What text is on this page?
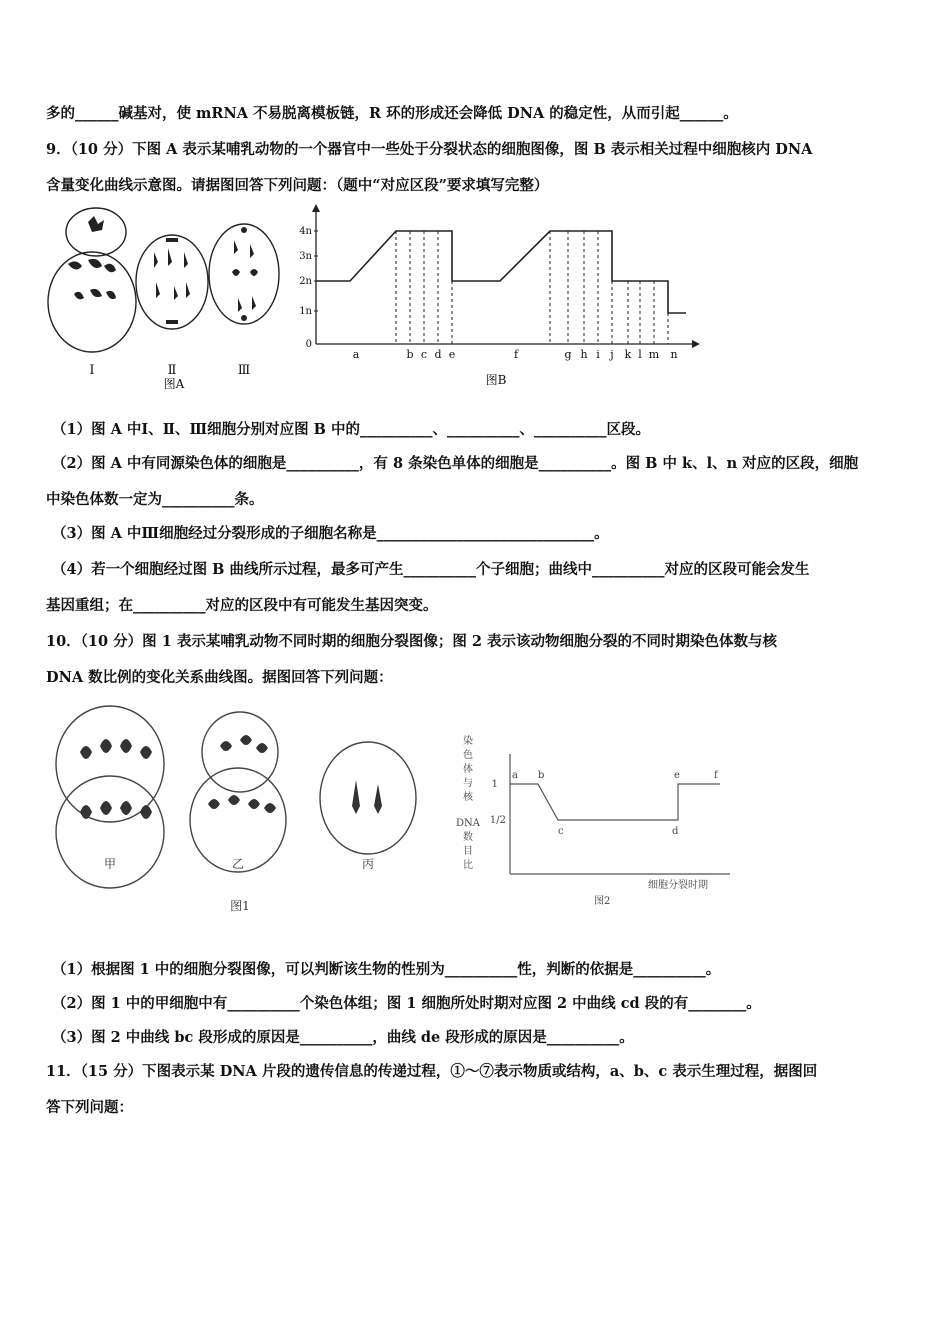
多的______碱基对，使 mRNA 不易脱离模板链，R 环的形成还会降低 DNA 的稳定性，从而引起______。
9．（10 分）下图 A 表示某哺乳动物的一个器官中一些处于分裂状态的细胞图像，图 B 表示相关过程中细胞核内 DNA
含量变化曲线示意图。请据图回答下列问题：（题中“对应区段”要求填写完整）
Ⅰ	Ⅱ	Ⅲ
图A
4n
3n
2n
1n
0
a	b c d e	f	g h i j k l m n
图B
（1）图 A 中Ⅰ、Ⅱ、Ⅲ细胞分别对应图 B 中的__________、__________、__________区段。
（2）图 A 中有同源染色体的细胞是__________，有 8 条染色单体的细胞是__________。图 B 中 k、l、n 对应的区段，细胞
中染色体数一定为__________条。
（3）图 A 中Ⅲ细胞经过分裂形成的子细胞名称是______________________________。
（4）若一个细胞经过图 B 曲线所示过程，最多可产生__________个子细胞；曲线中__________对应的区段可能会发生
基因重组；在__________对应的区段中有可能发生基因突变。
10．（10 分）图 1 表示某哺乳动物不同时期的细胞分裂图像；图 2 表示该动物细胞分裂的不同时期染色体数与核
DNA 数比例的变化关系曲线图。据图回答下列问题：
甲	乙	丙
图1
染
色
体
与
核
DNA
数
目
比
1
1/2
a b
c	d
e	f
细胞分裂时期
图2
（1）根据图 1 中的细胞分裂图像，可以判断该生物的性别为__________性，判断的依据是__________。
（2）图 1 中的甲细胞中有__________个染色体组；图 1 细胞所处时期对应图 2 中曲线 cd 段的有________。
（3）图 2 中曲线 bc 段形成的原因是__________，曲线 de 段形成的原因是__________。
11．（15 分）下图表示某 DNA 片段的遗传信息的传递过程，①～⑦表示物质或结构，a、b、c 表示生理过程，据图回
答下列问题：
